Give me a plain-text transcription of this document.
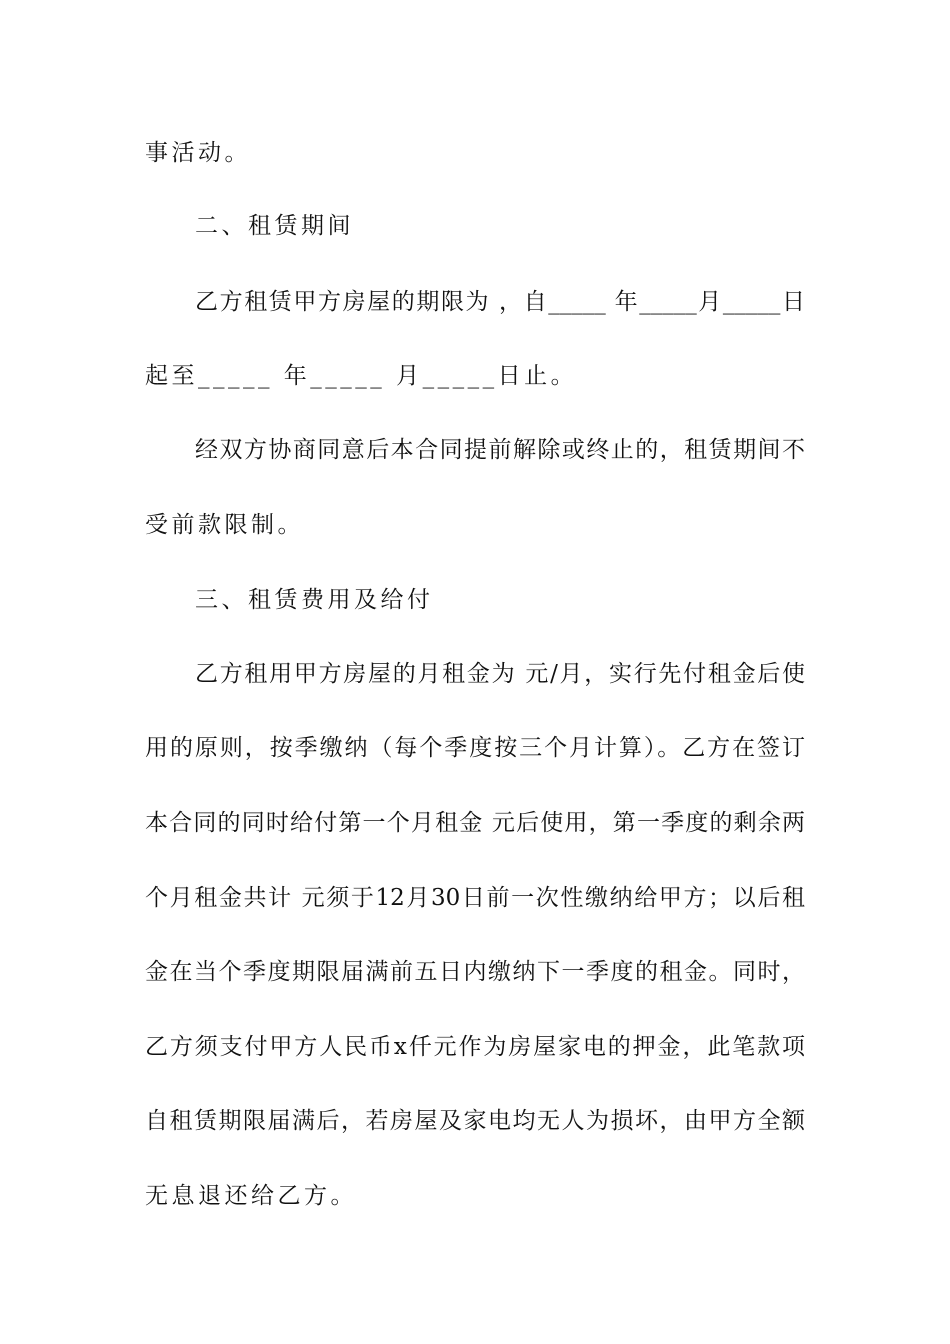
事活动。
二、租赁期间
乙方租赁甲方房屋的期限为 ，自_____ 年_____月_____日
起至_____ 年_____ 月_____日止。
经双方协商同意后本合同提前解除或终止的，租赁期间不
受前款限制。
三、租赁费用及给付
乙方租用甲方房屋的月租金为 元/月，实行先付租金后使
用的原则，按季缴纳（每个季度按三个月计算）。乙方在签订
本合同的同时给付第一个月租金 元后使用，第一季度的剩余两
个月租金共计 元须于12月30日前一次性缴纳给甲方；以后租
金在当个季度期限届满前五日内缴纳下一季度的租金。同时，
乙方须支付甲方人民币x仟元作为房屋家电的押金，此笔款项
自租赁期限届满后，若房屋及家电均无人为损坏，由甲方全额
无息退还给乙方。
